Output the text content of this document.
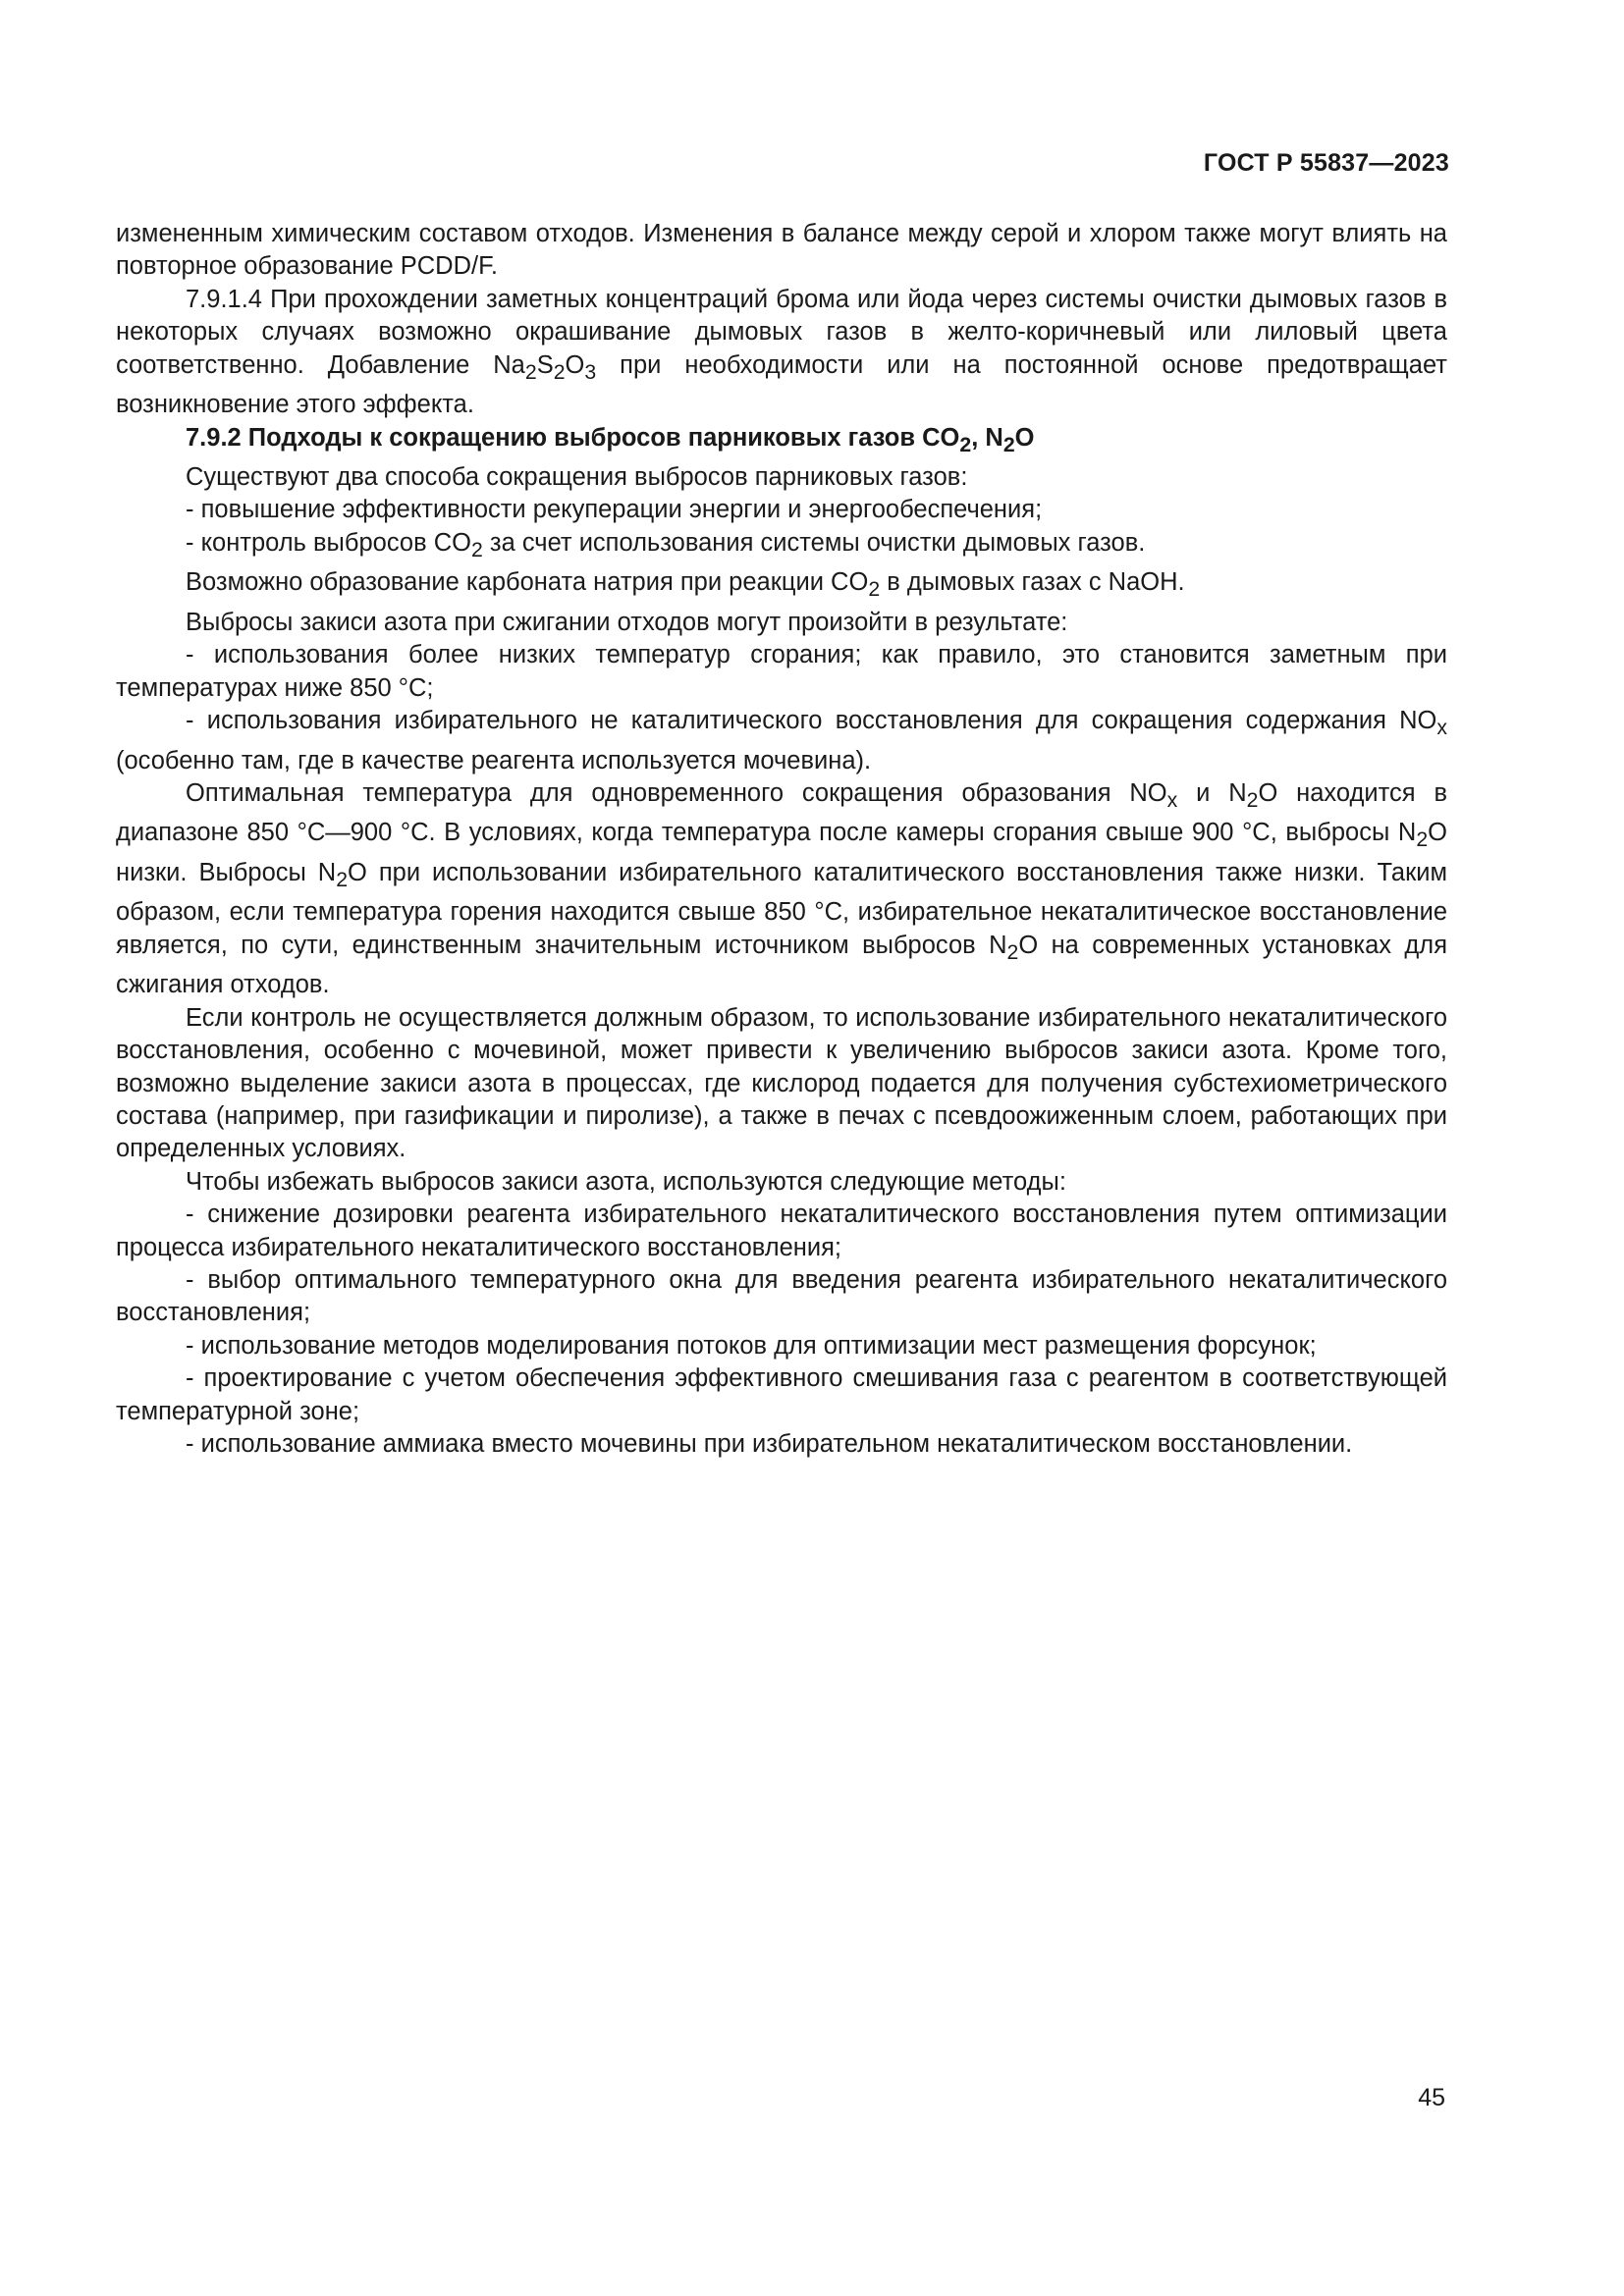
ГОСТ Р 55837—2023

измененным химическим составом отходов. Изменения в балансе между серой и хлором также могут влиять на повторное образование PCDD/F.

7.9.1.4 При прохождении заметных концентраций брома или йода через системы очистки дымовых газов в некоторых случаях возможно окрашивание дымовых газов в желто-коричневый или лиловый цвета соответственно. Добавление $Na_2S_2O_3$ при необходимости или на постоянной основе предотвращает возникновение этого эффекта.

7.9.2 Подходы к сокращению выбросов парниковых газов $CO_2$, $N_2O$

Существуют два способа сокращения выбросов парниковых газов:

- повышение эффективности рекуперации энергии и энергообеспечения;

- контроль выбросов $CO_2$ за счет использования системы очистки дымовых газов.

Возможно образование карбоната натрия при реакции $CO_2$ в дымовых газах с NaOH.

Выбросы закиси азота при сжигании отходов могут произойти в результате:

- использования более низких температур сгорания; как правило, это становится заметным при температурах ниже 850 °С;

- использования избирательного не каталитического восстановления для сокращения содержания $NO_x$ (особенно там, где в качестве реагента используется мочевина).

Оптимальная температура для одновременного сокращения образования $NO_x$ и $N_2O$ находится в диапазоне 850 °С—900 °С. В условиях, когда температура после камеры сгорания свыше 900 °С, выбросы $N_2O$ низки. Выбросы $N_2O$ при использовании избирательного каталитического восстановления также низки. Таким образом, если температура горения находится свыше 850 °С, избирательное некаталитическое восстановление является, по сути, единственным значительным источником выбросов $N_2O$ на современных установках для сжигания отходов.

Если контроль не осуществляется должным образом, то использование избирательного некаталитического восстановления, особенно с мочевиной, может привести к увеличению выбросов закиси азота. Кроме того, возможно выделение закиси азота в процессах, где кислород подается для получения субстехиометрического состава (например, при газификации и пиролизе), а также в печах с псевдоожиженным слоем, работающих при определенных условиях.

Чтобы избежать выбросов закиси азота, используются следующие методы:

- снижение дозировки реагента избирательного некаталитического восстановления путем оптимизации процесса избирательного некаталитического восстановления;

- выбор оптимального температурного окна для введения реагента избирательного некаталитического восстановления;

- использование методов моделирования потоков для оптимизации мест размещения форсунок;

- проектирование с учетом обеспечения эффективного смешивания газа с реагентом в соответствующей температурной зоне;

- использование аммиака вместо мочевины при избирательном некаталитическом восстановлении.

45
